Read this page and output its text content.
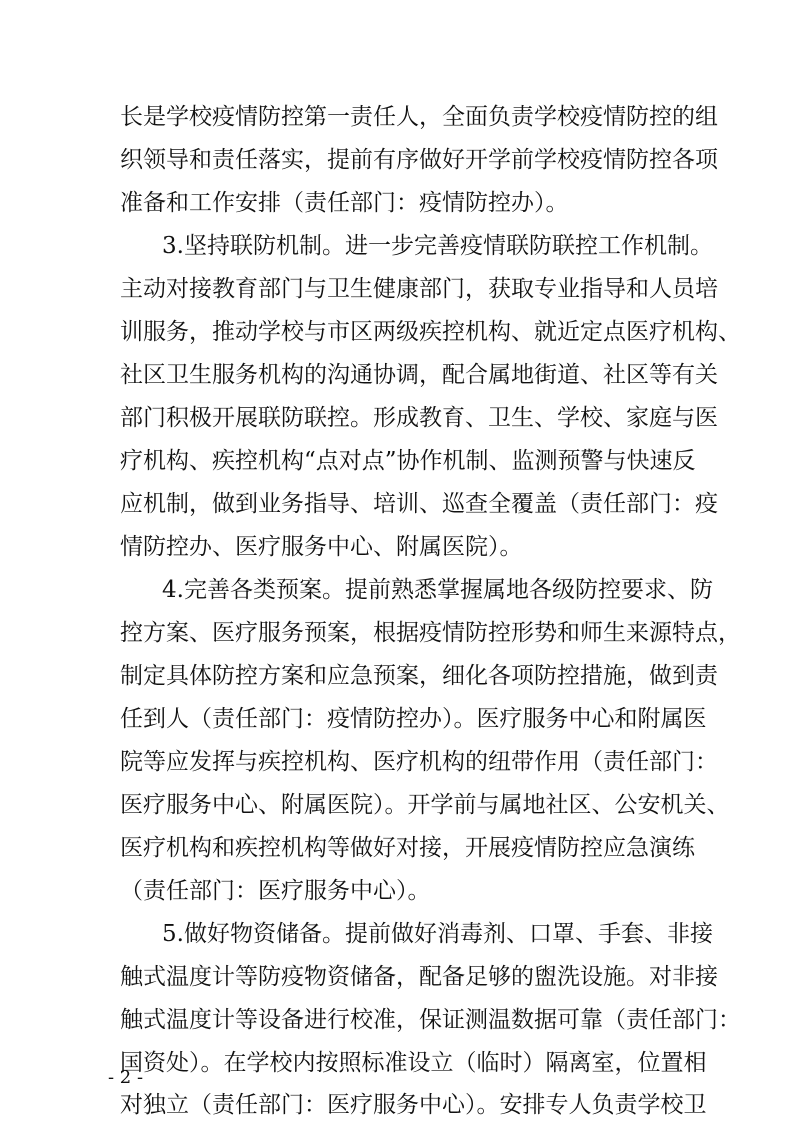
长是学校疫情防控第一责任人，全面负责学校疫情防控的组
织领导和责任落实，提前有序做好开学前学校疫情防控各项
准备和工作安排（责任部门：疫情防控办）。
3.坚持联防机制。进一步完善疫情联防联控工作机制。
主动对接教育部门与卫生健康部门，获取专业指导和人员培
训服务，推动学校与市区两级疾控机构、就近定点医疗机构、
社区卫生服务机构的沟通协调，配合属地街道、社区等有关
部门积极开展联防联控。形成教育、卫生、学校、家庭与医
疗机构、疾控机构“点对点”协作机制、监测预警与快速反
应机制，做到业务指导、培训、巡查全覆盖（责任部门：疫
情防控办、医疗服务中心、附属医院）。
4.完善各类预案。提前熟悉掌握属地各级防控要求、防
控方案、医疗服务预案，根据疫情防控形势和师生来源特点，
制定具体防控方案和应急预案，细化各项防控措施，做到责
任到人（责任部门：疫情防控办）。医疗服务中心和附属医
院等应发挥与疾控机构、医疗机构的纽带作用（责任部门：
医疗服务中心、附属医院）。开学前与属地社区、公安机关、
医疗机构和疾控机构等做好对接，开展疫情防控应急演练
（责任部门：医疗服务中心）。
5.做好物资储备。提前做好消毒剂、口罩、手套、非接
触式温度计等防疫物资储备，配备足够的盥洗设施。对非接
触式温度计等设备进行校准，保证测温数据可靠（责任部门：
国资处）。在学校内按照标准设立（临时）隔离室，位置相
对独立（责任部门：医疗服务中心）。安排专人负责学校卫
- 2 -
